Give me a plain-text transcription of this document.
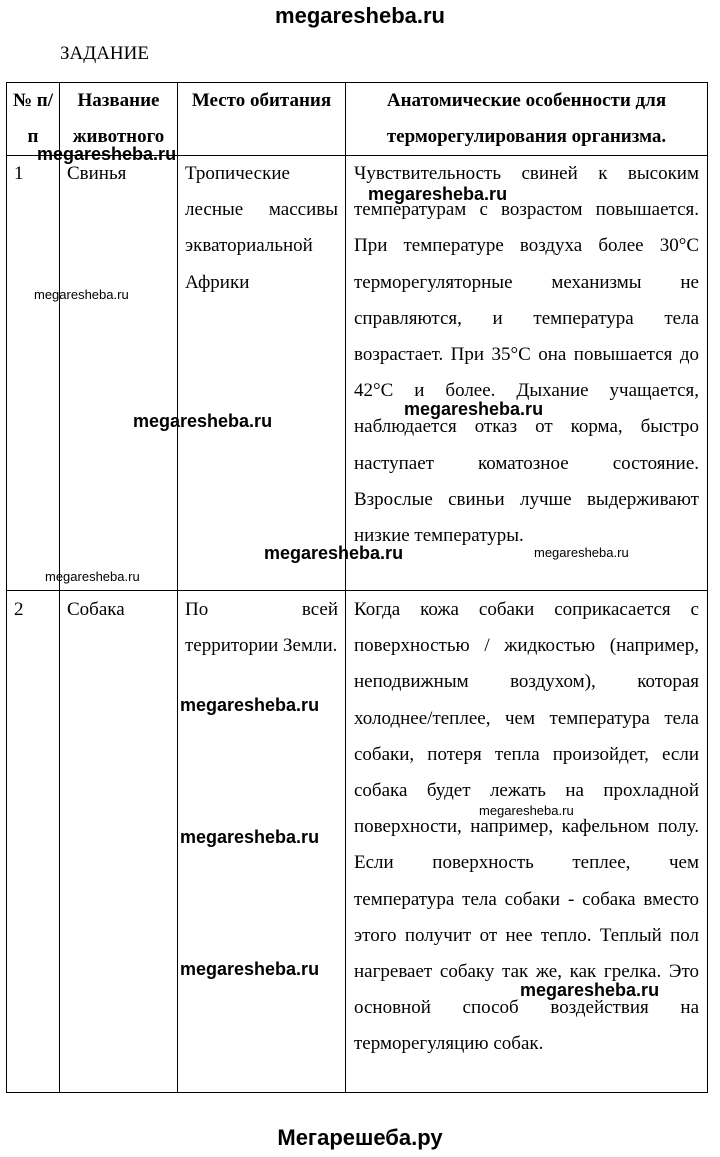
megaresheba.ru
ЗАДАНИЕ
№ п/п	Название животного	Место обитания	Анатомические особенности для терморегулирования организма.
1	Свинья	Тропические лесные массивы экваториальной Африки	Чувствительность свиней к высоким температурам с возрастом повышается. При температуре воздуха более 30°C терморегуляторные механизмы не справляются, и температура тела возрастает. При 35°C она повышается до 42°C и более. Дыхание учащается, наблюдается отказ от корма, быстро наступает коматозное состояние. Взрослые свиньи лучше выдерживают низкие температуры.
2	Собака	По всей территории Земли.	Когда кожа собаки соприкасается с поверхностью / жидкостью (например, неподвижным воздухом), которая холоднее/теплее, чем температура тела собаки, потеря тепла произойдет, если собака будет лежать на прохладной поверхности, например, кафельном полу. Если поверхность теплее, чем температура тела собаки - собака вместо этого получит от нее тепло. Теплый пол нагревает собаку так же, как грелка. Это основной способ воздействия на терморегуляцию собак.
megaresheba.ru
megaresheba.ru
megaresheba.ru
megaresheba.ru
megaresheba.ru
megaresheba.ru	megaresheba.ru
megaresheba.ru
megaresheba.ru
megaresheba.ru
megaresheba.ru
megaresheba.ru
megaresheba.ru
Мегарешеба.ру
